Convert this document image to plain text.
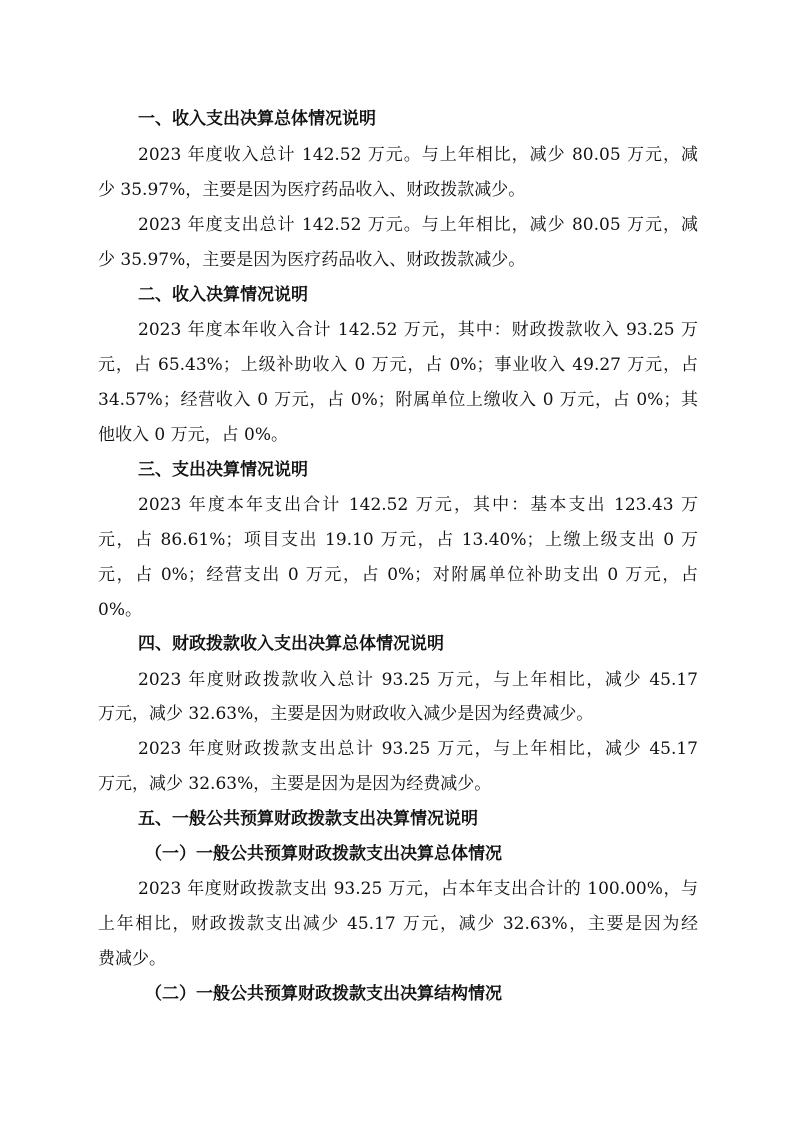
一、收入支出决算总体情况说明
2023 年度收入总计 142.52 万元。与上年相比，减少 80.05 万元，减
少 35.97%，主要是因为医疗药品收入、财政拨款减少。
2023 年度支出总计 142.52 万元。与上年相比，减少 80.05 万元，减
少 35.97%，主要是因为医疗药品收入、财政拨款减少。
二、收入决算情况说明
2023 年度本年收入合计 142.52 万元，其中：财政拨款收入 93.25 万
元，占 65.43%；上级补助收入 0 万元，占 0%；事业收入 49.27 万元，占
34.57%；经营收入 0 万元，占 0%；附属单位上缴收入 0 万元，占 0%；其
他收入 0 万元，占 0%。
三、支出决算情况说明
2023 年度本年支出合计 142.52 万元，其中：基本支出 123.43 万
元，占 86.61%；项目支出 19.10 万元，占 13.40%；上缴上级支出 0 万
元，占 0%；经营支出 0 万元，占 0%；对附属单位补助支出 0 万元，占
0%。
四、财政拨款收入支出决算总体情况说明
2023 年度财政拨款收入总计 93.25 万元，与上年相比，减少 45.17
万元，减少 32.63%，主要是因为财政收入减少是因为经费减少。
2023 年度财政拨款支出总计 93.25 万元，与上年相比，减少 45.17
万元，减少 32.63%，主要是因为是因为经费减少。
五、一般公共预算财政拨款支出决算情况说明
（一）一般公共预算财政拨款支出决算总体情况
2023 年度财政拨款支出 93.25 万元，占本年支出合计的 100.00%，与
上年相比，财政拨款支出减少 45.17 万元，减少 32.63%，主要是因为经
费减少。
（二）一般公共预算财政拨款支出决算结构情况
